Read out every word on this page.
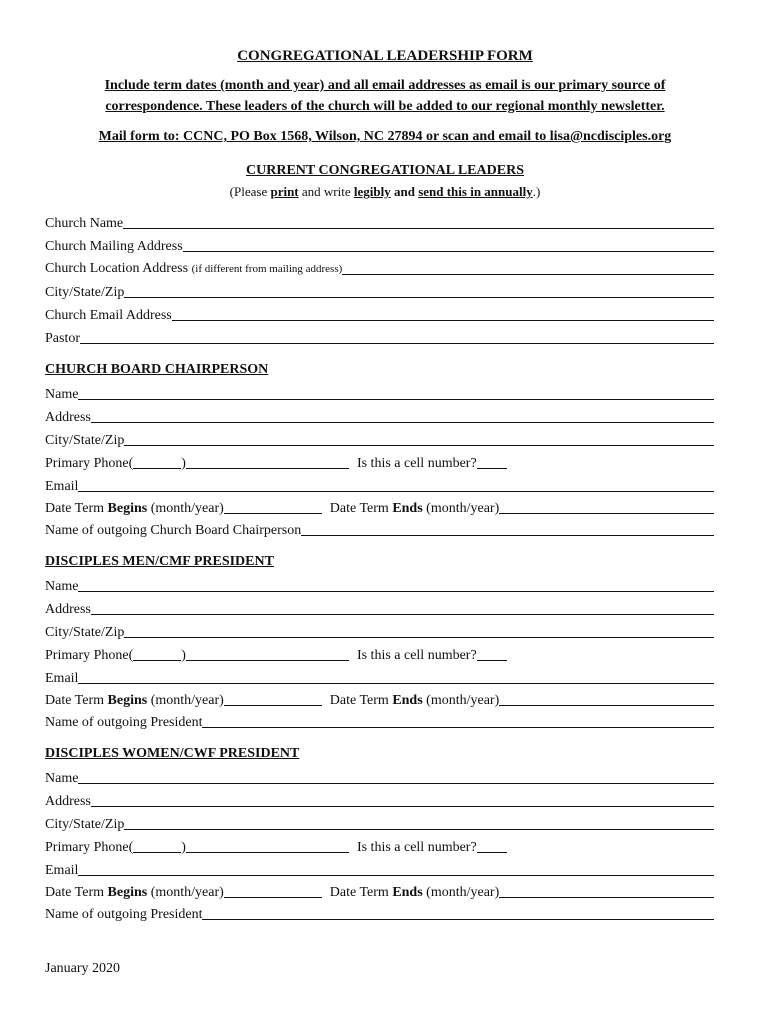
CONGREGATIONAL LEADERSHIP FORM
Include term dates (month and year) and all email addresses as email is our primary source of
correspondence. These leaders of the church will be added to our regional monthly newsletter.
Mail form to: CCNC, PO Box 1568, Wilson, NC 27894 or scan and email to lisa@ncdisciples.org
CURRENT CONGREGATIONAL LEADERS
(Please print and write legibly and send this in annually.)
Church Name
Church Mailing Address
Church Location Address (if different from mailing address)
City/State/Zip
Church Email Address
Pastor
CHURCH BOARD CHAIRPERSON
Name
Address
City/State/Zip
Primary Phone(	)	Is this a cell number?
Email
Date Term Begins (month/year)	Date Term Ends (month/year)
Name of outgoing Church Board Chairperson
DISCIPLES MEN/CMF PRESIDENT
Name
Address
City/State/Zip
Primary Phone(	)	Is this a cell number?
Email
Date Term Begins (month/year)	Date Term Ends (month/year)
Name of outgoing President
DISCIPLES WOMEN/CWF PRESIDENT
Name
Address
City/State/Zip
Primary Phone(	)	Is this a cell number?
Email
Date Term Begins (month/year)	Date Term Ends (month/year)
Name of outgoing President
January 2020
